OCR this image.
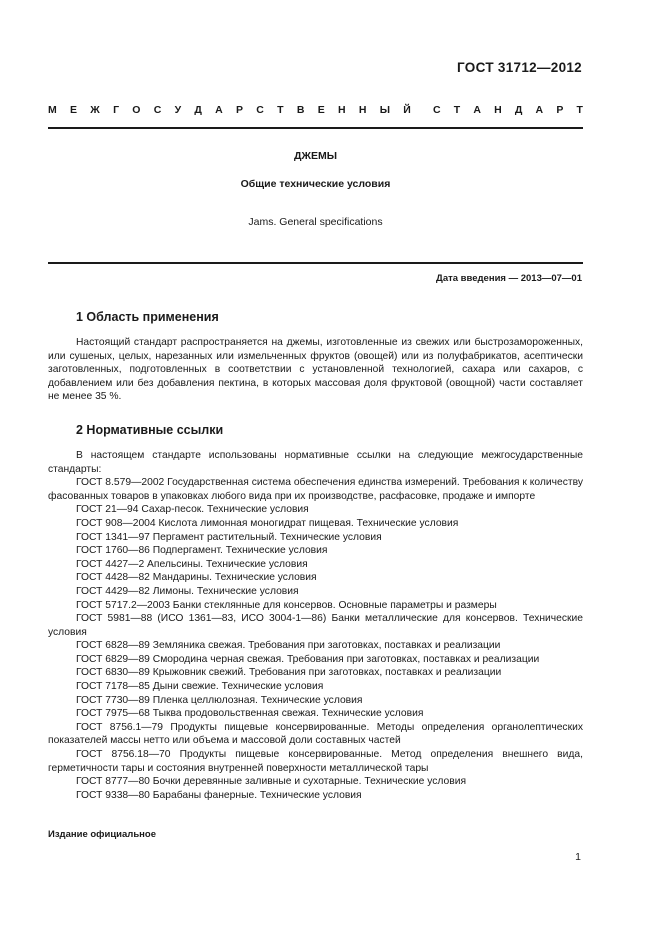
ГОСТ 31712—2012
М Е Ж Г О С У Д А Р С Т В Е Н Н Ы Й С Т А Н Д А Р Т
ДЖЕМЫ
Общие технические условия
Jams. General specifications
Дата введения — 2013—07—01
1 Область применения

Настоящий стандарт распространяется на джемы, изготовленные из свежих или быстрозамороженных, или сушеных, целых, нарезанных или измельченных фруктов (овощей) или из полуфабрикатов, асептически заготовленных, подготовленных в соответствии с установленной технологией, сахара или сахаров, с добавлением или без добавления пектина, в которых массовая доля фруктовой (овощной) части составляет не менее 35 %.

2 Нормативные ссылки

В настоящем стандарте использованы нормативные ссылки на следующие межгосударственные стандарты:

ГОСТ 8.579—2002 Государственная система обеспечения единства измерений. Требования к количеству фасованных товаров в упаковках любого вида при их производстве, расфасовке, продаже и импорте
ГОСТ 21—94 Сахар-песок. Технические условия
ГОСТ 908—2004 Кислота лимонная моногидрат пищевая. Технические условия
ГОСТ 1341—97 Пергамент растительный. Технические условия
ГОСТ 1760—86 Подпергамент. Технические условия
ГОСТ 4427—2 Апельсины. Технические условия
ГОСТ 4428—82 Мандарины. Технические условия
ГОСТ 4429—82 Лимоны. Технические условия
ГОСТ 5717.2—2003 Банки стеклянные для консервов. Основные параметры и размеры
ГОСТ 5981—88 (ИСО 1361—83, ИСО 3004-1—86) Банки металлические для консервов. Технические условия
ГОСТ 6828—89 Земляника свежая. Требования при заготовках, поставках и реализации
ГОСТ 6829—89 Смородина черная свежая. Требования при заготовках, поставках и реализации
ГОСТ 6830—89 Крыжовник свежий. Требования при заготовках, поставках и реализации
ГОСТ 7178—85 Дыни свежие. Технические условия
ГОСТ 7730—89 Пленка целлюлозная. Технические условия
ГОСТ 7975—68 Тыква продовольственная свежая. Технические условия
ГОСТ 8756.1—79 Продукты пищевые консервированные. Методы определения органолептических показателей массы нетто или объема и массовой доли составных частей
ГОСТ 8756.18—70 Продукты пищевые консервированные. Метод определения внешнего вида, герметичности тары и состояния внутренней поверхности металлической тары
ГОСТ 8777—80 Бочки деревянные заливные и сухотарные. Технические условия
ГОСТ 9338—80 Барабаны фанерные. Технические условия
Издание официальное
1
